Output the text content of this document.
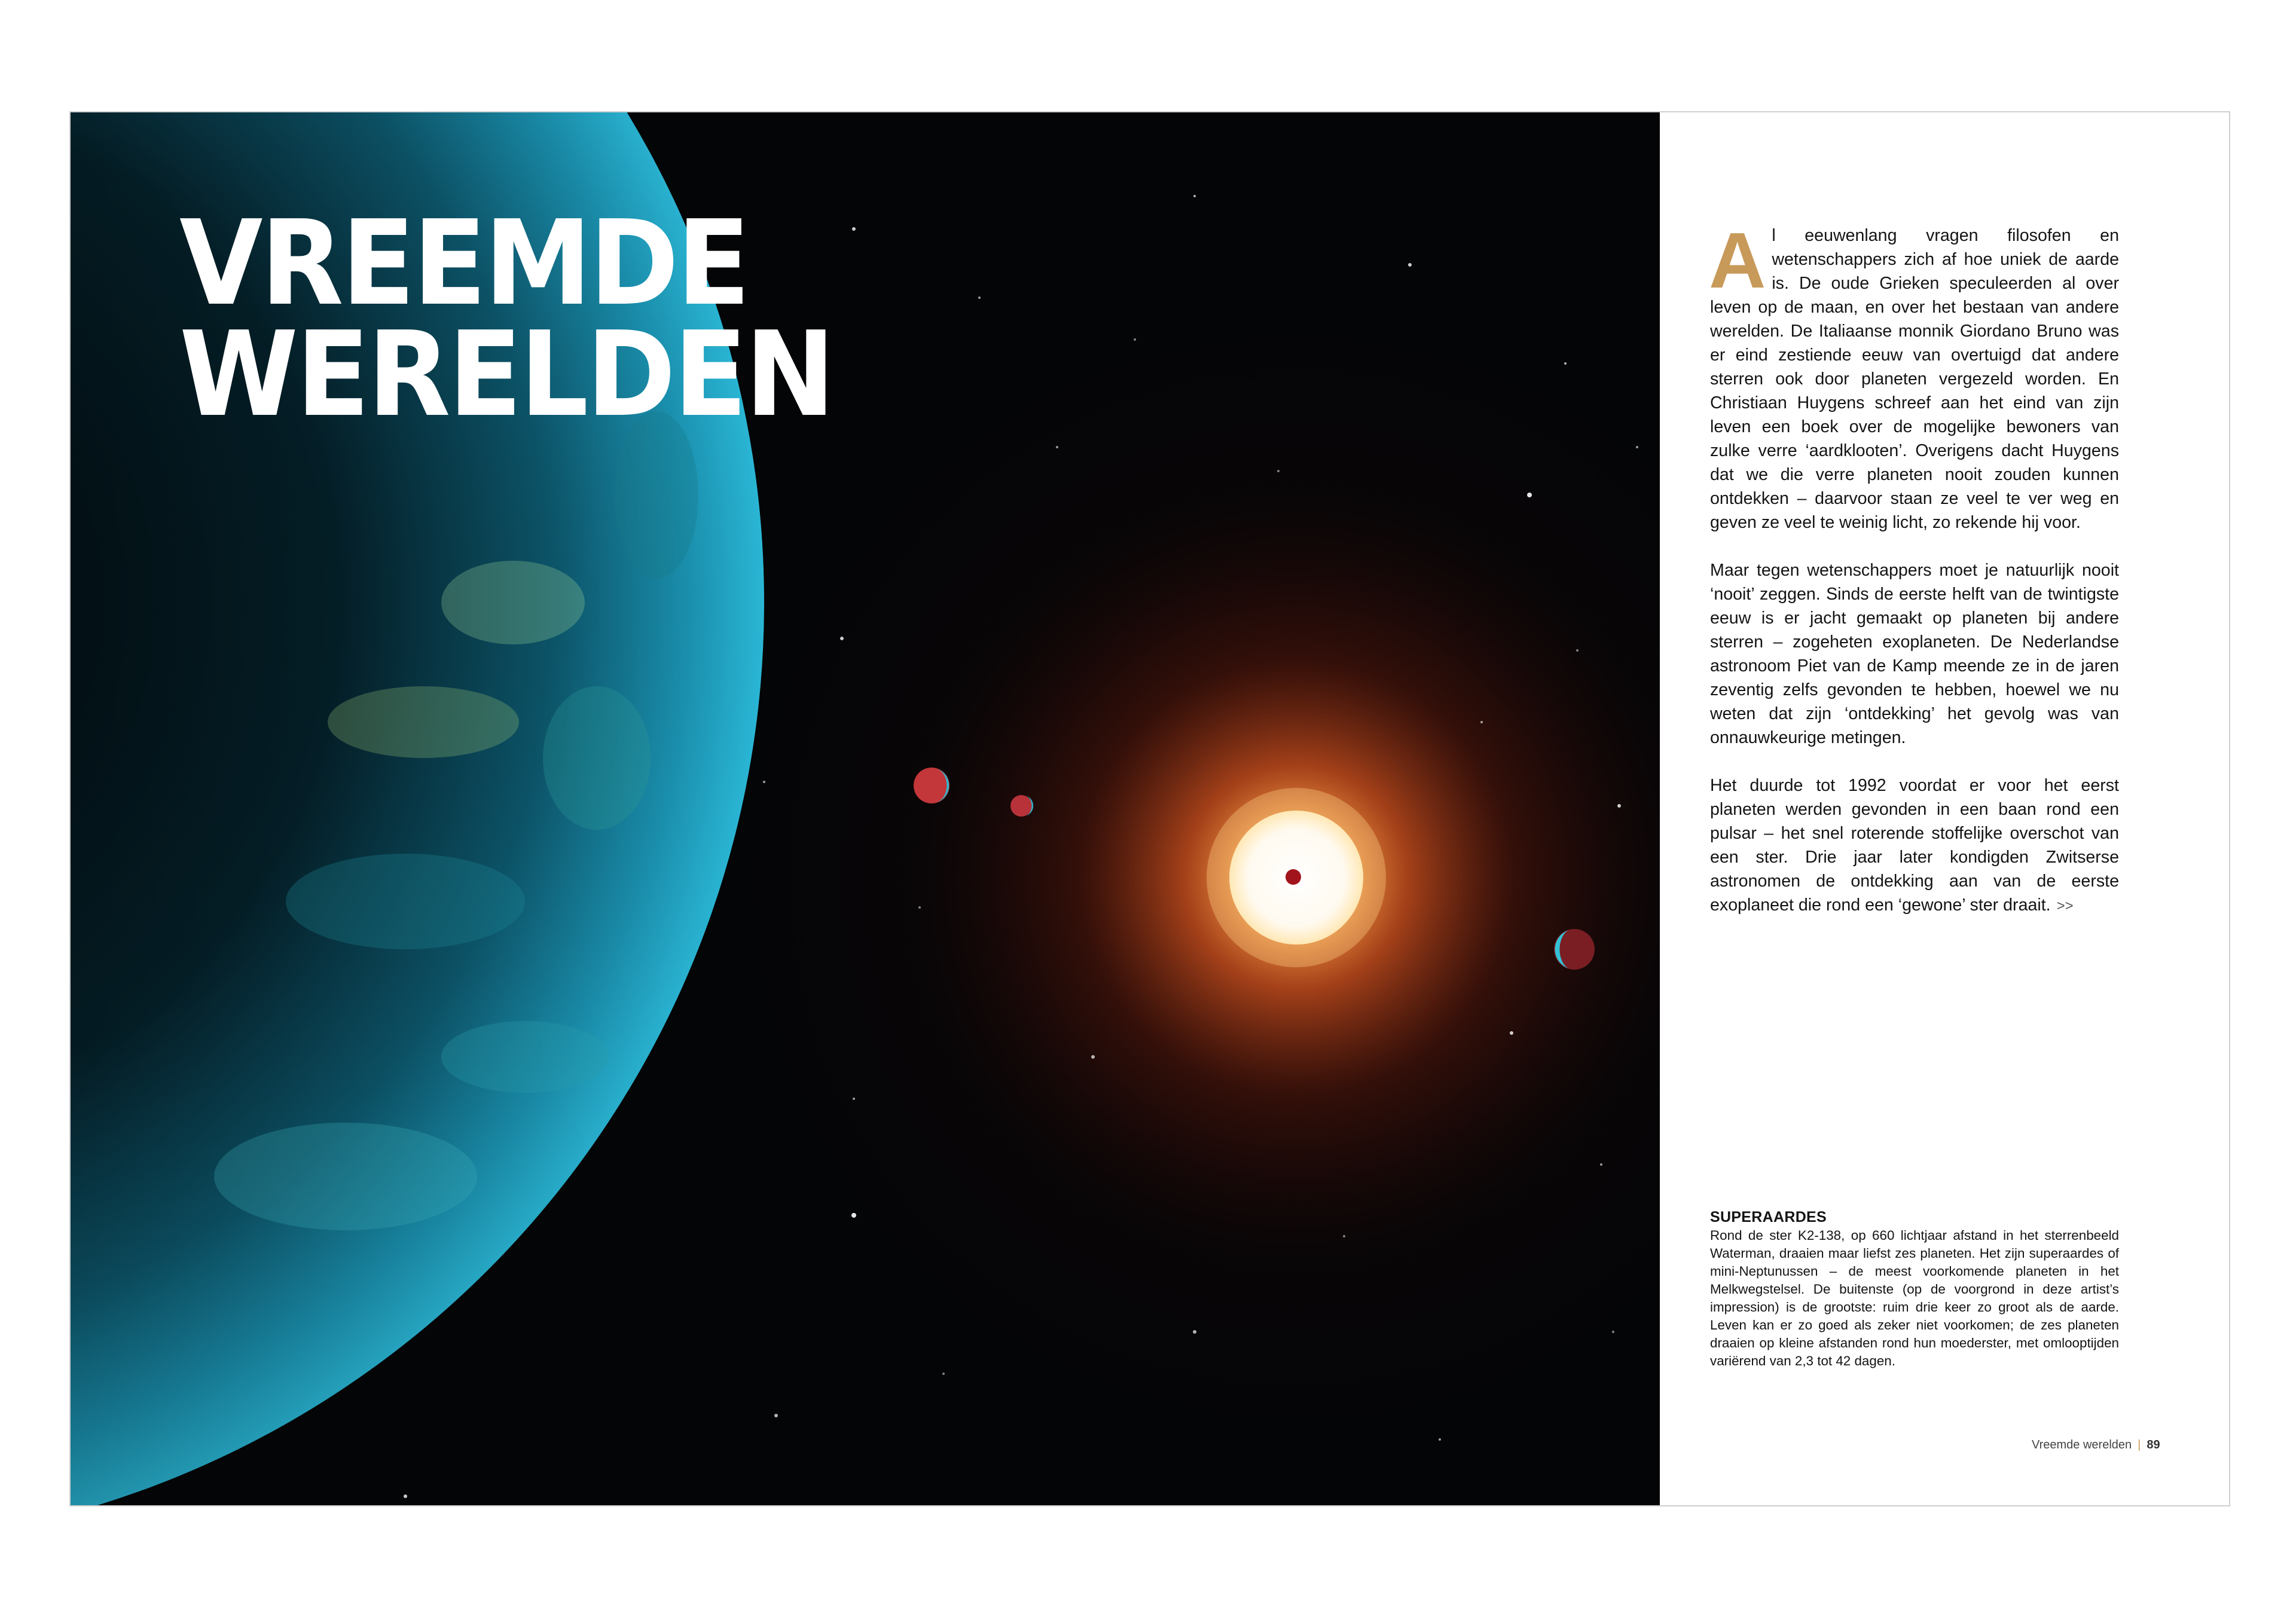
VREEMDE
WERELDEN

Al eeuwenlang vragen filosofen en wetenschappers zich af hoe uniek de aarde is. De oude Grieken speculeerden al over leven op de maan, en over het bestaan van andere werelden. De Italiaanse monnik Giordano Bruno was er eind zestiende eeuw van overtuigd dat andere sterren ook door planeten vergezeld worden. En Christiaan Huygens schreef aan het eind van zijn leven een boek over de mogelijke bewoners van zulke verre ‘aardklooten’. Overigens dacht Huygens dat we die verre planeten nooit zouden kunnen ontdekken – daarvoor staan ze veel te ver weg en geven ze veel te weinig licht, zo rekende hij voor.

Maar tegen wetenschappers moet je natuurlijk nooit ‘nooit’ zeggen. Sinds de eerste helft van de twintigste eeuw is er jacht gemaakt op planeten bij andere sterren – zogeheten exoplaneten. De Nederlandse astronoom Piet van de Kamp meende ze in de jaren zeventig zelfs gevonden te hebben, hoewel we nu weten dat zijn ‘ontdekking’ het gevolg was van onnauwkeurige metingen.

Het duurde tot 1992 voordat er voor het eerst planeten werden gevonden in een baan rond een pulsar – het snel roterende stoffelijke overschot van een ster. Drie jaar later kondigden Zwitserse astronomen de ontdekking aan van de eerste exoplaneet die rond een ‘gewone’ ster draait. >>

SUPERAARDES

Rond de ster K2-138, op 660 lichtjaar afstand in het sterrenbeeld Waterman, draaien maar liefst zes planeten. Het zijn superaardes of mini-Neptunussen – de meest voorkomende planeten in het Melkwegstelsel. De buitenste (op de voorgrond in deze artist’s impression) is de grootste: ruim drie keer zo groot als de aarde. Leven kan er zo goed als zeker niet voorkomen; de zes planeten draaien op kleine afstanden rond hun moederster, met omlooptijden variërend van 2,3 tot 42 dagen.

Vreemde werelden | 89
